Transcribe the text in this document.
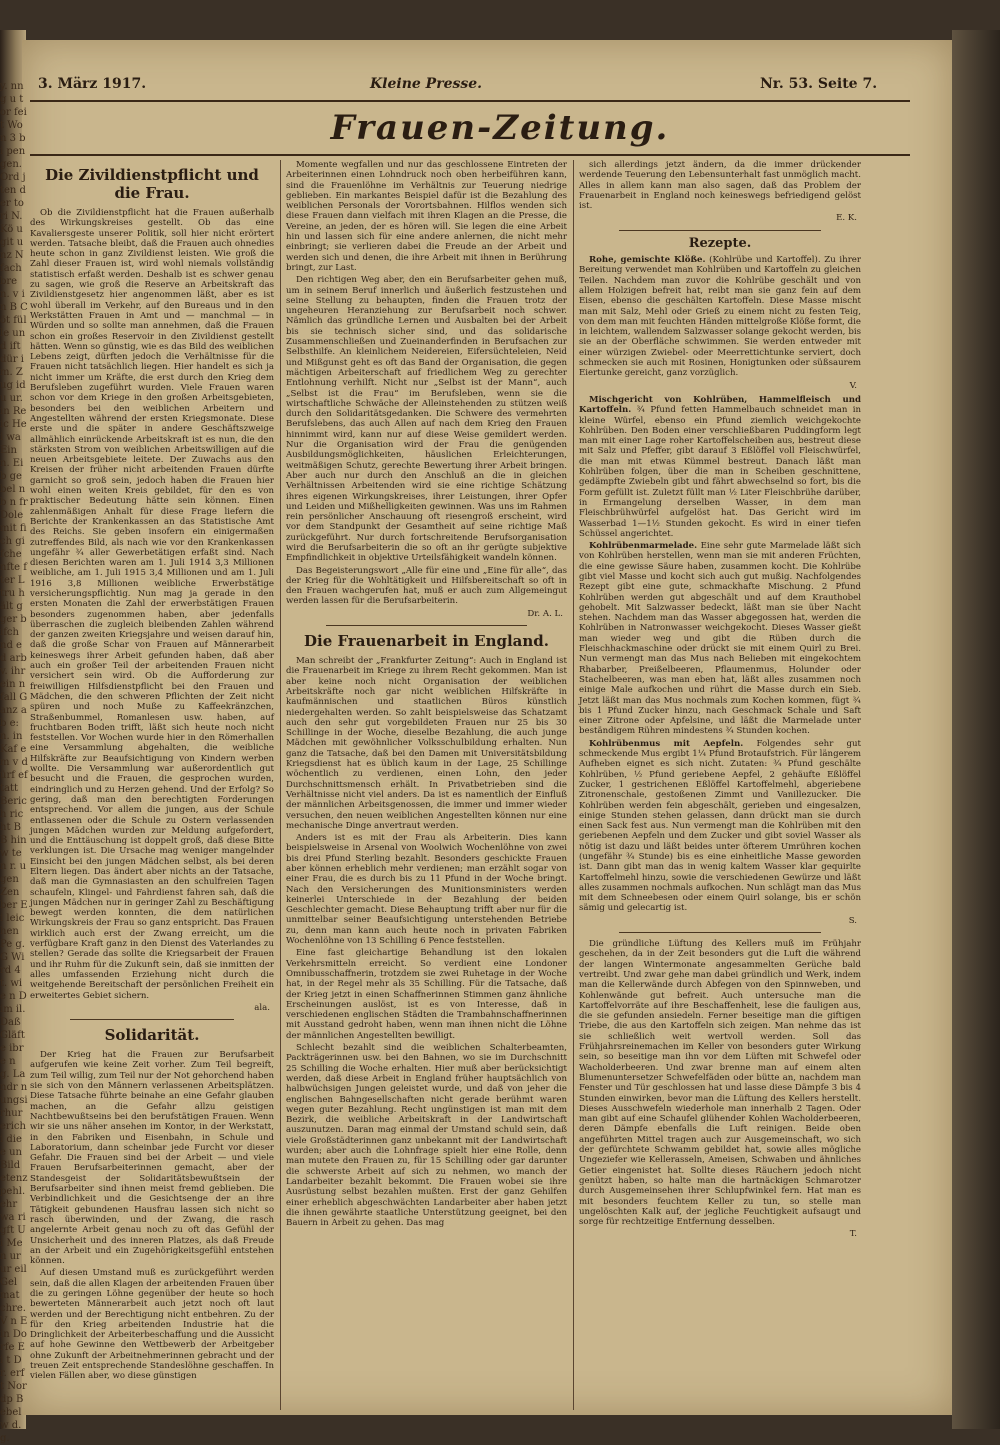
y. nng u tor feit Wo n 3 bi pen gen. Ord jten der tori N. Kö ugit unz N fach bre n. v in B Cöt fülle und ift dür im. Zug id u ur. in Reic Hei wa Ein n. Eib gebel n b n fr Dole mit fich gifche nfte fter L tru hält g ger bifch nd ed arb v. ihr ein n fall Ganz ab e: n. in Kaf e m v dürf eftatt Berich richt B B hin w ten r. u gen Zen ber Ei leichen Pe g. G Wird 4 t. wie n D im il. Daß Gläfte ibre n g. Landr nungsi rhur erichi die e un Bild etenz pehl. ehr wa rigft Ui Men ur ur eil Gel mat chre. V n Ein Dorfe Ei t Dr. erft Nordp Bebel w d. g.
3. März 1917.	Kleine Presse.	Nr. 53. Seite 7.
Frauen-Zeitung.
Die Zivildienstpflicht und die Frau.

Ob die Zivildienstpflicht hat die Frauen außerhalb des Wirkungskreises gestellt. Ob das eine Kavaliersgeste unserer Politik, soll hier nicht erörtert werden. Tatsache bleibt, daß die Frauen auch ohnedies heute schon in ganz Zivildienst leisten. Wie groß die Zahl dieser Frauen ist, wird wohl niemals vollständig statistisch erfaßt werden. Deshalb ist es schwer genau zu sagen, wie groß die Reserve an Arbeitskraft das Zivildienstgesetz hier angenommen läßt, aber es ist wohl überall im Verkehr, auf den Bureaus und in den Werkstätten Frauen in Amt und — manchmal — in Würden und so sollte man annehmen, daß die Frauen schon ein großes Reservoir in den Zivildienst gestellt hätten. Wenn so günstig, wie es das Bild des weiblichen Lebens zeigt, dürften jedoch die Verhältnisse für die Frauen nicht tatsächlich liegen. Hier handelt es sich ja nicht immer um Kräfte, die erst durch den Krieg dem Berufsleben zugeführt wurden. Viele Frauen waren schon vor dem Kriege in den großen Arbeitsgebieten, besonders bei den weiblichen Arbeitern und Angestellten während der ersten Kriegsmonate. Diese erste und die später in andere Geschäftszweige allmählich einrückende Arbeitskraft ist es nun, die den stärksten Strom von weiblichen Arbeitswilligen auf die neuen Arbeitsgebiete leitete. Der Zuwachs aus den Kreisen der früher nicht arbeitenden Frauen dürfte garnicht so groß sein, jedoch haben die Frauen hier wohl einen weiten Kreis gebildet, für den es von praktischer Bedeutung hätte sein können. Einen zahlenmäßigen Anhalt für diese Frage liefern die Berichte der Krankenkassen an das Statistische Amt des Reichs. Sie geben insofern ein einigermaßen zutreffendes Bild, als nach wie vor den Krankenkassen ungefähr ¾ aller Gewerbetätigen erfaßt sind. Nach diesen Berichten waren am 1. Juli 1914 3,3 Millionen weibliche, am 1. Juli 1915 3,4 Millionen und am 1. Juli 1916 3,8 Millionen weibliche Erwerbstätige versicherungspflichtig. Nun mag ja gerade in den ersten Monaten die Zahl der erwerbstätigen Frauen besonders zugenommen haben, aber jedenfalls überraschen die zugleich bleibenden Zahlen während der ganzen zweiten Kriegsjahre und weisen darauf hin, daß die große Schar von Frauen auf Männerarbeit keineswegs ihrer Arbeit gefunden haben, daß aber auch ein großer Teil der arbeitenden Frauen nicht versichert sein wird. Ob die Aufforderung zur freiwilligen Hilfsdienstpflicht bei den Frauen und Mädchen, die den schweren Pflichten der Zeit nicht spüren und noch Muße zu Kaffeekränzchen, Straßenbummel, Romanlesen usw. haben, auf fruchtbaren Boden trifft, läßt sich heute noch nicht feststellen. Vor Wochen wurde hier in den Römerhallen eine Versammlung abgehalten, die weibliche Hilfskräfte zur Beaufsichtigung von Kindern werben wollte. Die Versammlung war außerordentlich gut besucht und die Frauen, die gesprochen wurden, eindringlich und zu Herzen gehend. Und der Erfolg? So gering, daß man den berechtigten Forderungen entsprechend. Vor allem die jungen, aus der Schule entlassenen oder die Schule zu Ostern verlassenden jungen Mädchen wurden zur Meldung aufgefordert, und die Enttäuschung ist doppelt groß, daß diese Bitte verklungen ist. Die Ursache mag weniger mangelnder Einsicht bei den jungen Mädchen selbst, als bei deren Eltern liegen. Das ändert aber nichts an der Tatsache, daß man die Gymnasiasten an den schulfreien Tagen schaufeln, Klingel- und Fahrdienst fahren sah, daß die jungen Mädchen nur in geringer Zahl zu Beschäftigung bewegt werden konnten, die dem natürlichen Wirkungskreis der Frau so ganz entspricht. Das Frauen wirklich auch erst der Zwang erreicht, um die verfügbare Kraft ganz in den Dienst des Vaterlandes zu stellen? Gerade das sollte die Kriegsarbeit der Frauen und ihr Ruhm für die Zukunft sein, daß sie inmitten der alles umfassenden Erziehung nicht durch die weitgehende Bereitschaft der persönlichen Freiheit ein erweitertes Gebiet sichern.

ala.
Solidarität.

Der Krieg hat die Frauen zur Berufsarbeit aufgerufen wie keine Zeit vorher. Zum Teil begreift, zum Teil willig, zum Teil nur der Not gehorchend haben sie sich von den Männern verlassenen Arbeitsplätzen. Diese Tatsache führte beinahe an eine Gefahr glauben machen, an die Gefahr allzu geistigen Nachtbewußtseins bei den berufstätigen Frauen. Wenn wir sie uns näher ansehen im Kontor, in der Werkstatt, in den Fabriken und Eisenbahn, in Schule und Laboratorium, dann scheinbar jede Furcht vor dieser Gefahr. Die Frauen sind bei der Arbeit — und viele Frauen Berufsarbeiterinnen gemacht, aber der Standesgeist der Solidaritätsbewußtsein der Berufsarbeiter sind ihnen meist fremd geblieben. Die Verbindlichkeit und die Gesichtsenge der an ihre Tätigkeit gebundenen Hausfrau lassen sich nicht so rasch überwinden, und der Zwang, die rasch angelernte Arbeit genau noch zu oft das Gefühl der Unsicherheit und des inneren Platzes, als daß Freude an der Arbeit und ein Zugehörigkeitsgefühl entstehen können.

Auf diesen Umstand muß es zurückgeführt werden sein, daß die allen Klagen der arbeitenden Frauen über die zu geringen Löhne gegenüber der heute so hoch bewerteten Männerarbeit auch jetzt noch oft laut werden und der Berechtigung nicht entbehren. Zu der für den Krieg arbeitenden Industrie hat die Dringlichkeit der Arbeiterbeschaffung und die Aussicht auf hohe Gewinne den Wettbewerb der Arbeitgeber ohne Zukunft der Arbeitnehmerinnen gebracht und der treuen Zeit entsprechende Standeslöhne geschaffen. In vielen Fällen aber, wo diese günstigen

Momente wegfallen und nur das geschlossene Eintreten der Arbeiterinnen einen Lohndruck noch oben herbeiführen kann, sind die Frauenlöhne im Verhältnis zur Teuerung niedrige geblieben. Ein markantes Beispiel dafür ist die Bezahlung des weiblichen Personals der Vorortsbahnen. Hilflos wenden sich diese Frauen dann vielfach mit ihren Klagen an die Presse, die Vereine, an jeden, der es hören will. Sie legen die eine Arbeit hin und lassen sich für eine andere anlernen, die nicht mehr einbringt; sie verlieren dabei die Freude an der Arbeit und werden sich und denen, die ihre Arbeit mit ihnen in Berührung bringt, zur Last.

Den richtigen Weg aber, den ein Berufsarbeiter gehen muß, um in seinem Beruf innerlich und äußerlich festzustehen und seine Stellung zu behaupten, finden die Frauen trotz der ungeheuren Heranziehung zur Berufsarbeit noch schwer. Nämlich das gründliche Lernen und Ausbalten bei der Arbeit bis sie technisch sicher sind, und das solidarische Zusammenschließen und Zueinanderfinden in Berufsachen zur Selbsthilfe. An kleinlichem Neidereien, Eifersüchteleien, Neid und Mißgunst geht es oft das Band der Organisation, die gegen mächtigen Arbeiterschaft auf friedlichem Weg zu gerechter Entlohnung verhilft. Nicht nur „Selbst ist der Mann“, auch „Selbst ist die Frau“ im Berufsleben, wenn sie die wirtschaftliche Schwäche der Alleinstehenden zu stützen weiß durch den Solidaritätsgedanken. Die Schwere des vermehrten Berufslebens, das auch Allen auf nach dem Krieg den Frauen hinnimmt wird, kann nur auf diese Weise gemildert werden. Nur die Organisation wird der Frau die genügenden Ausbildungsmöglichkeiten, häuslichen Erleichterungen, weitmäßigen Schutz, gerechte Bewertung ihrer Arbeit bringen. Aber auch nur durch den Anschluß an die in gleichen Verhältnissen Arbeitenden wird sie eine richtige Schätzung ihres eigenen Wirkungskreises, ihrer Leistungen, ihrer Opfer und Leiden und Mißhelligkeiten gewinnen. Was uns im Rahmen rein persönlicher Anschauung oft riesengroß erscheint, wird vor dem Standpunkt der Gesamtheit auf seine richtige Maß zurückgeführt. Nur durch fortschreitende Berufsorganisation wird die Berufsarbeiterin die so oft an ihr gerügte subjektive Empfindlichkeit in objektive Urteilsfähigkeit wandeln können.

Das Begeisterungswort „Alle für eine und „Eine für alle“, das der Krieg für die Wohltätigkeit und Hilfsbereitschaft so oft in den Frauen wachgerufen hat, muß er auch zum Allgemeingut werden lassen für die Berufsarbeiterin.

Dr. A. L.
Die Frauenarbeit in England.

Man schreibt der „Frankfurter Zeitung“: Auch in England ist die Frauenarbeit im Kriege zu ihrem Recht gekommen. Man ist aber keine noch nicht Organisation der weiblichen Arbeitskräfte noch gar nicht weiblichen Hilfskräfte in kaufmännischen und staatlichen Büros künstlich niedergehalten werden. So zahlt beispielsweise das Schatzamt auch den sehr gut vorgebildeten Frauen nur 25 bis 30 Schillinge in der Woche, dieselbe Bezahlung, die auch junge Mädchen mit gewöhnlicher Volksschulbildung erhalten. Nun ganz die Tatsache, daß bei den Damen mit Universitätsbildung Kriegsdienst hat es üblich kaum in der Lage, 25 Schillinge wöchentlich zu verdienen, einen Lohn, den jeder Durchschnittsmensch erhält. In Privatbetrieben sind die Verhältnisse nicht viel anders. Da ist es namentlich der Einfluß der männlichen Arbeitsgenossen, die immer und immer wieder versuchen, den neuen weiblichen Angestellten können nur eine mechanische Dinge anvertraut werden.

Anders ist es mit der Frau als Arbeiterin. Dies kann beispielsweise in Arsenal von Woolwich Wochenlöhne von zwei bis drei Pfund Sterling bezahlt. Besonders geschickte Frauen aber können erheblich mehr verdienen; man erzählt sogar von einer Frau, die es durch bis zu 11 Pfund in der Woche bringt. Nach den Versicherungen des Munitionsministers werden keinerlei Unterschiede in der Bezahlung der beiden Geschlechter gemacht. Diese Behauptung trifft aber nur für die unmittelbar seiner Beaufsichtigung unterstehenden Betriebe zu, denn man kann auch heute noch in privaten Fabriken Wochenlöhne von 13 Schilling 6 Pence feststellen.

Eine fast gleichartige Behandlung ist den lokalen Verkehrsmitteln erreicht. So verdient eine Londoner Omnibusschaffnerin, trotzdem sie zwei Ruhetage in der Woche hat, in der Regel mehr als 35 Schilling. Für die Tatsache, daß der Krieg jetzt in einen Schaffnerinnen Stimmen ganz ähnliche Erscheinungen auslöst, ist es von Interesse, daß in verschiedenen englischen Städten die Trambahnschaffnerinnen mit Ausstand gedroht haben, wenn man ihnen nicht die Löhne der männlichen Angestellten bewilligt.

Schlecht bezahlt sind die weiblichen Schalterbeamten, Packträgerinnen usw. bei den Bahnen, wo sie im Durchschnitt 25 Schilling die Woche erhalten. Hier muß aber berücksichtigt werden, daß diese Arbeit in England früher hauptsächlich von halbwüchsigen Jungen geleistet wurde, und daß von jeher die englischen Bahngesellschaften nicht gerade berühmt waren wegen guter Bezahlung. Recht ungünstigen ist man mit dem Bezirk, die weibliche Arbeitskraft in der Landwirtschaft auszunutzen. Daran mag einmal der Umstand schuld sein, daß viele Großstädterinnen ganz unbekannt mit der Landwirtschaft wurden; aber auch die Lohnfrage spielt hier eine Rolle, denn man mutete den Frauen zu, für 15 Schilling oder gar darunter die schwerste Arbeit auf sich zu nehmen, wo manch der Landarbeiter bezahlt bekommt. Die Frauen wobei sie ihre Ausrüstung selbst bezahlen mußten. Erst der ganz Gehilfen einer erheblich abgeschwächten Landarbeiter aber haben jetzt die ihnen gewährte staatliche Unterstützung geeignet, bei den Bauern in Arbeit zu gehen. Das mag

sich allerdings jetzt ändern, da die immer drückender werdende Teuerung den Lebensunterhalt fast unmöglich macht. Alles in allem kann man also sagen, daß das Problem der Frauenarbeit in England noch keineswegs befriedigend gelöst ist.

E. K.
Rezepte.

Rohe, gemischte Klöße. (Kohlrübe und Kartoffel). Zu ihrer Bereitung verwendet man Kohlrüben und Kartoffeln zu gleichen Teilen. Nachdem man zuvor die Kohlrübe geschält und von allem Holzigen befreit hat, reibt man sie ganz fein auf dem Eisen, ebenso die geschälten Kartoffeln. Diese Masse mischt man mit Salz, Mehl oder Grieß zu einem nicht zu festen Teig, von dem man mit feuchten Händen mittelgroße Klöße formt, die in leichtem, wallendem Salzwasser solange gekocht werden, bis sie an der Oberfläche schwimmen. Sie werden entweder mit einer würzigen Zwiebel- oder Meerrettichtunke serviert, doch schmecken sie auch mit Rosinen, Honigtunken oder süßsaurem Eiertunke gereicht, ganz vorzüglich.

V.

Mischgericht von Kohlrüben, Hammelfleisch und Kartoffeln. ¾ Pfund fetten Hammelbauch schneidet man in kleine Würfel, ebenso ein Pfund ziemlich weichgekochte Kohlrüben. Den Boden einer verschließbaren Puddingform legt man mit einer Lage roher Kartoffelscheiben aus, bestreut diese mit Salz und Pfeffer, gibt darauf 3 Eßlöffel voll Fleischwürfel, die man mit etwas Kümmel bestreut. Danach läßt man Kohlrüben folgen, über die man in Scheiben geschnittene, gedämpfte Zwiebeln gibt und fährt abwechselnd so fort, bis die Form gefüllt ist. Zuletzt füllt man ½ Liter Fleischbrühe darüber, in Ermangelung derselben Wasser, in dem man Fleischbrühwürfel aufgelöst hat. Das Gericht wird im Wasserbad 1—1½ Stunden gekocht. Es wird in einer tiefen Schüssel angerichtet.

Kohlrübenmarmelade. Eine sehr gute Marmelade läßt sich von Kohlrüben herstellen, wenn man sie mit anderen Früchten, die eine gewisse Säure haben, zusammen kocht. Die Kohlrübe gibt viel Masse und kocht sich auch gut mußig. Nachfolgendes Rezept gibt eine gute, schmackhafte Mischung. 2 Pfund Kohlrüben werden gut abgeschält und auf dem Krauthobel gehobelt. Mit Salzwasser bedeckt, läßt man sie über Nacht stehen. Nachdem man das Wasser abgegossen hat, werden die Kohlrüben in Natronwasser weichgekocht. Dieses Wasser gießt man wieder weg und gibt die Rüben durch die Fleischhackmaschine oder drückt sie mit einem Quirl zu Brei. Nun vermengt man das Mus nach Belieben mit eingekochtem Rhabarber, Preißelbeeren, Pflaumenmus, Holunder oder Stachelbeeren, was man eben hat, läßt alles zusammen noch einige Male aufkochen und rührt die Masse durch ein Sieb. Jetzt läßt man das Mus nochmals zum Kochen kommen, fügt ¾ bis 1 Pfund Zucker hinzu, nach Geschmack Schale und Saft einer Zitrone oder Apfelsine, und läßt die Marmelade unter beständigem Rühren mindestens ¾ Stunden kochen.

Kohlrübenmus mit Aepfeln. Folgendes sehr gut schmeckende Mus ergibt 1¼ Pfund Brotaufstrich. Für längerem Aufheben eignet es sich nicht. Zutaten: ¾ Pfund geschälte Kohlrüben, ½ Pfund geriebene Aepfel, 2 gehäufte Eßlöffel Zucker, 1 gestrichenen Eßlöffel Kartoffelmehl, abgeriebene Zitronenschale, gestoßenen Zimmt und Vanillezucker. Die Kohlrüben werden fein abgeschält, gerieben und eingesalzen, einige Stunden stehen gelassen, dann drückt man sie durch einen Sack fest aus. Nun vermengt man die Kohlrüben mit den geriebenen Aepfeln und dem Zucker und gibt soviel Wasser als nötig ist dazu und läßt beides unter öfterem Umrühren kochen (ungefähr ¾ Stunde) bis es eine einheitliche Masse geworden ist. Dann gibt man das in wenig kaltem Wasser klar gequirlte Kartoffelmehl hinzu, sowie die verschiedenen Gewürze und läßt alles zusammen nochmals aufkochen. Nun schlägt man das Mus mit dem Schneebesen oder einem Quirl solange, bis er schön sämig und gelecartig ist.

S.

Die gründliche Lüftung des Kellers muß im Frühjahr geschehen, da in der Zeit besonders gut die Luft die während der langen Wintermonate angesammelten Gerüche bald vertreibt. Und zwar gehe man dabei gründlich und Werk, indem man die Kellerwände durch Abfegen von den Spinnweben, und Kohlenwände gut befreit. Auch untersuche man die Kartoffelvorräte auf ihre Beschaffenheit, lese die fauligen aus, die sie gefunden ansiedeln. Ferner beseitige man die giftigen Triebe, die aus den Kartoffeln sich zeigen. Man nehme das ist sie schließlich weit wertvoll werden. Soll das Frühjahrsreinemachen im Keller von besonders guter Wirkung sein, so beseitige man ihn vor dem Lüften mit Schwefel oder Wacholderbeeren. Und zwar brenne man auf einem alten Blumenuntersetzer Schwefelfäden oder bütte an, nachdem man Fenster und Tür geschlossen hat und lasse diese Dämpfe 3 bis 4 Stunden einwirken, bevor man die Lüftung des Kellers herstellt. Dieses Ausschwefeln wiederhole man innerhalb 2 Tagen. Oder man gibt auf eine Schaufel glühender Kohlen Wacholderbeeren, deren Dämpfe ebenfalls die Luft reinigen. Beide oben angeführten Mittel tragen auch zur Ausgemeinschaft, wo sich der gefürchtete Schwamm gebildet hat, sowie alles mögliche Ungeziefer wie Kellerasseln, Ameisen, Schwaben und ähnliches Getier eingenistet hat. Sollte dieses Räuchern jedoch nicht genützt haben, so halte man die hartnäckigen Schmarotzer durch Ausgemeinsehen ihrer Schlupfwinkel fern. Hat man es mit besonders feuchtem Keller zu tun, so stelle man ungelöschten Kalk auf, der jegliche Feuchtigkeit aufsaugt und sorge für rechtzeitige Entfernung desselben.

T.
